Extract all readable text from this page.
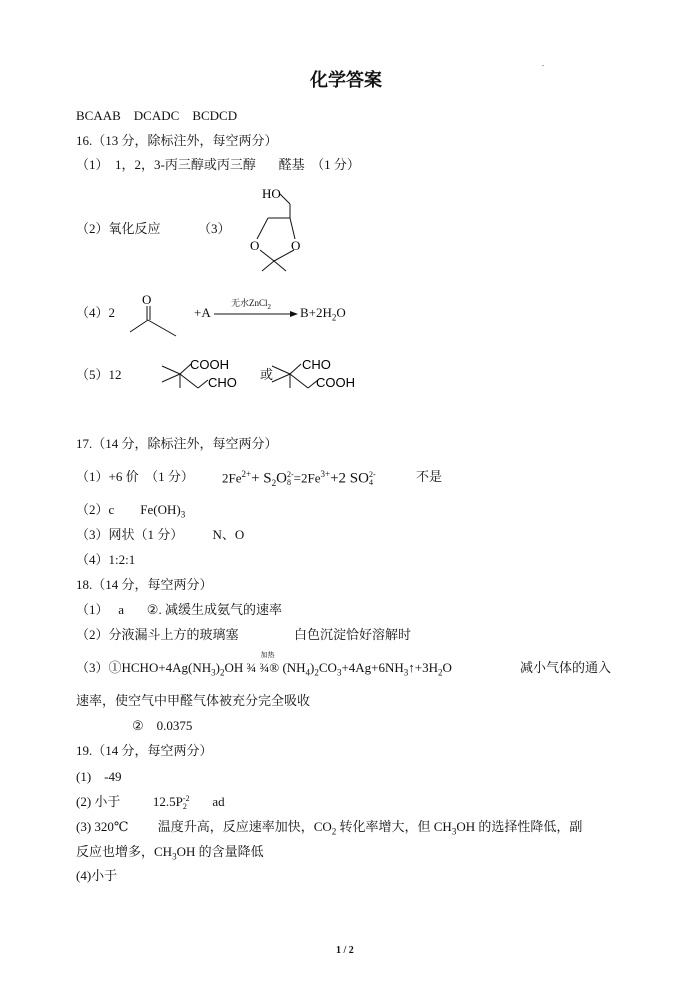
化学答案
.
BCAAB DCADC BCDCD
16.（13 分，除标注外，每空两分）
（1） 1，2，3-丙三醇或丙三醇 醛基 （1 分）
（2）氧化反应	（3）
HO
O O
（4）2
O
+A
无水ZnCl$_2$ $B+2H_2O$
（5）12
COOH
CHO
或
CHO
COOH
17.（14 分，除标注外，每空两分）
（1）+6 价 （1 分） $2Fe^{2+}+ S_2O$ 2-
$8 =2Fe^{3+}+2$ SO 2-
4	不是
（2）c $Fe(OH)_3$
（3）网状（1 分） N、O
（4）1:2:1
18.（14 分，每空两分）
（1） a ②. 减缓生成氨气的速率
（2）分液漏斗上方的玻璃塞	白色沉淀恰好溶解时
$(3)①HCHO+4Ag(NH_3)_2OH$
加热
¾ ¾® $(NH_4)_2CO_3+4Ag+6NH_3↑+3H_2O$	减小气体的通入
速率，使空气中甲醛气体被充分完全吸收
② 0.0375
19.（14 分，每空两分）
(1) -49
(2) 小于	12.5P -2
2 ad
(3) 320℃ 温度升高，反应速率加快，$CO_2$ 转化率增大，但 $CH_3OH$ 的选择性降低，副
反应也增多，$CH_3OH$ 的含量降低
(4)小于
1 / 2
